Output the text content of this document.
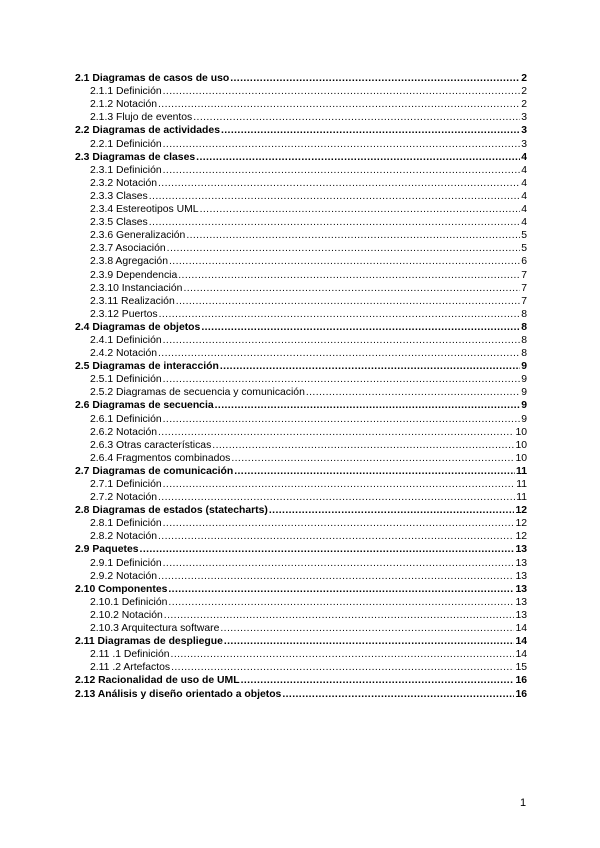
2.1 Diagramas de casos de uso .....	2
2.1.1 Definición .....	2
2.1.2 Notación .....	2
2.1.3 Flujo de eventos .....	3
2.2 Diagramas de actividades .....	3
2.2.1 Definición .....	3
2.3 Diagramas de clases .....	4
2.3.1 Definición .....	4
2.3.2 Notación .....	4
2.3.3 Clases .....	4
2.3.4 Estereotipos UML .....	4
2.3.5 Clases .....	4
2.3.6 Generalización .....	5
2.3.7 Asociación .....	5
2.3.8 Agregación .....	6
2.3.9 Dependencia .....	7
2.3.10 Instanciación .....	7
2.3.11 Realización .....	7
2.3.12 Puertos .....	8
2.4 Diagramas de objetos .....	8
2.4.1 Definición .....	8
2.4.2 Notación .....	8
2.5 Diagramas de interacción .....	9
2.5.1 Definición .....	9
2.5.2 Diagramas de secuencia y comunicación .....	9
2.6 Diagramas de secuencia .....	9
2.6.1 Definición .....	9
2.6.2 Notación .....	10
2.6.3 Otras características .....	10
2.6.4 Fragmentos combinados .....	10
2.7 Diagramas de comunicación .....	11
2.7.1 Definición .....	11
2.7.2 Notación .....	11
2.8 Diagramas de estados (statecharts) .....	12
2.8.1 Definición .....	12
2.8.2 Notación .....	12
2.9 Paquetes .....	13
2.9.1 Definición .....	13
2.9.2 Notación .....	13
2.10 Componentes .....	13
2.10.1 Definición .....	13
2.10.2 Notación .....	13
2.10.3 Arquitectura software .....	14
2.11 Diagramas de despliegue .....	14
2.11 .1 Definición .....	14
2.11 .2 Artefactos .....	15
2.12 Racionalidad de uso de UML .....	16
2.13 Análisis y diseño orientado a objetos .....	16
1
